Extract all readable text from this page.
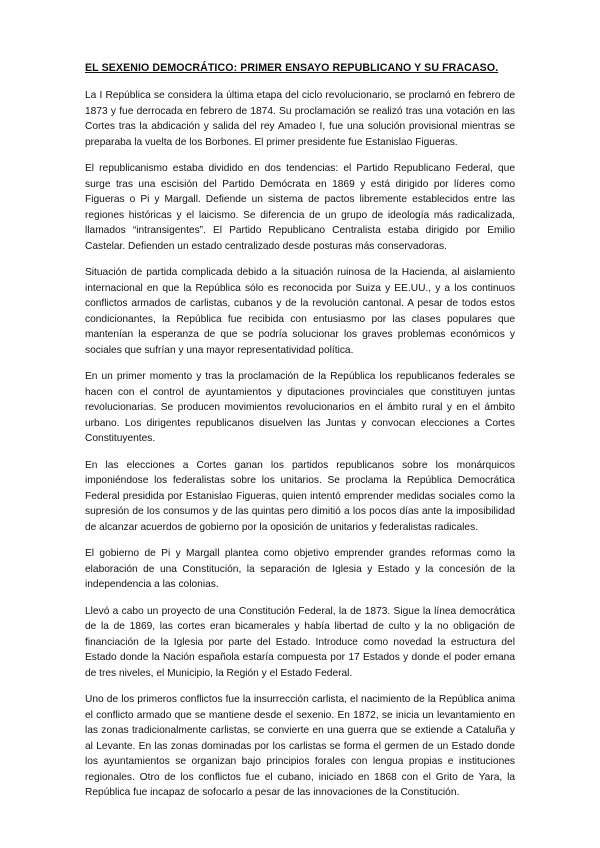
EL SEXENIO DEMOCRÁTICO: PRIMER ENSAYO REPUBLICANO Y SU FRACASO.

La I República se considera la última etapa del ciclo revolucionario, se proclamó en febrero de 1873 y fue derrocada en febrero de 1874. Su proclamación se realizó tras una votación en las Cortes tras la abdicación y salida del rey Amadeo I, fue una solución provisional mientras se preparaba la vuelta de los Borbones. El primer presidente fue Estanislao Figueras.

El republicanismo estaba dividido en dos tendencias: el Partido Republicano Federal, que surge tras una escisión del Partido Demócrata en 1869 y está dirigido por líderes como Figueras o Pi y Margall. Defiende un sistema de pactos libremente establecidos entre las regiones históricas y el laicismo. Se diferencia de un grupo de ideología más radicalizada, llamados “intransigentes”. El Partido Republicano Centralista estaba dirigido por Emilio Castelar. Defienden un estado centralizado desde posturas más conservadoras.

Situación de partida complicada debido a la situación ruinosa de la Hacienda, al aislamiento internacional en que la República sólo es reconocida por Suiza y EE.UU., y a los continuos conflictos armados de carlistas, cubanos y de la revolución cantonal. A pesar de todos estos condicionantes, la República fue recibida con entusiasmo por las clases populares que mantenían la esperanza de que se podría solucionar los graves problemas económicos y sociales que sufrían y una mayor representatividad política.

En un primer momento y tras la proclamación de la República los republicanos federales se hacen con el control de ayuntamientos y diputaciones provinciales que constituyen juntas revolucionarias. Se producen movimientos revolucionarios en el ámbito rural y en el ámbito urbano. Los dirigentes republicanos disuelven las Juntas y convocan elecciones a Cortes Constituyentes.

En las elecciones a Cortes ganan los partidos republicanos sobre los monárquicos imponiéndose los federalistas sobre los unitarios. Se proclama la República Democrática Federal presidida por Estanislao Figueras, quien intentó emprender medidas sociales como la supresión de los consumos y de las quintas pero dimitió a los pocos días ante la imposibilidad de alcanzar acuerdos de gobierno por la oposición de unitarios y federalistas radicales.

El gobierno de Pi y Margall plantea como objetivo emprender grandes reformas como la elaboración de una Constitución, la separación de Iglesia y Estado y la concesión de la independencia a las colonias.

Llevó a cabo un proyecto de una Constitución Federal, la de 1873. Sigue la línea democrática de la de 1869, las cortes eran bicamerales y había libertad de culto y la no obligación de financiación de la Iglesia por parte del Estado. Introduce como novedad la estructura del Estado donde la Nación española estaría compuesta por 17 Estados y donde el poder emana de tres niveles, el Municipio, la Región y el Estado Federal.

Uno de los primeros conflictos fue la insurrección carlista, el nacimiento de la República anima el conflicto armado que se mantiene desde el sexenio. En 1872, se inicia un levantamiento en las zonas tradicionalmente carlistas, se convierte en una guerra que se extiende a Cataluña y al Levante. En las zonas dominadas por los carlistas se forma el germen de un Estado donde los ayuntamientos se organizan bajo principios forales con lengua propias e instituciones regionales. Otro de los conflictos fue el cubano, iniciado en 1868 con el Grito de Yara, la República fue incapaz de sofocarlo a pesar de las innovaciones de la Constitución.
